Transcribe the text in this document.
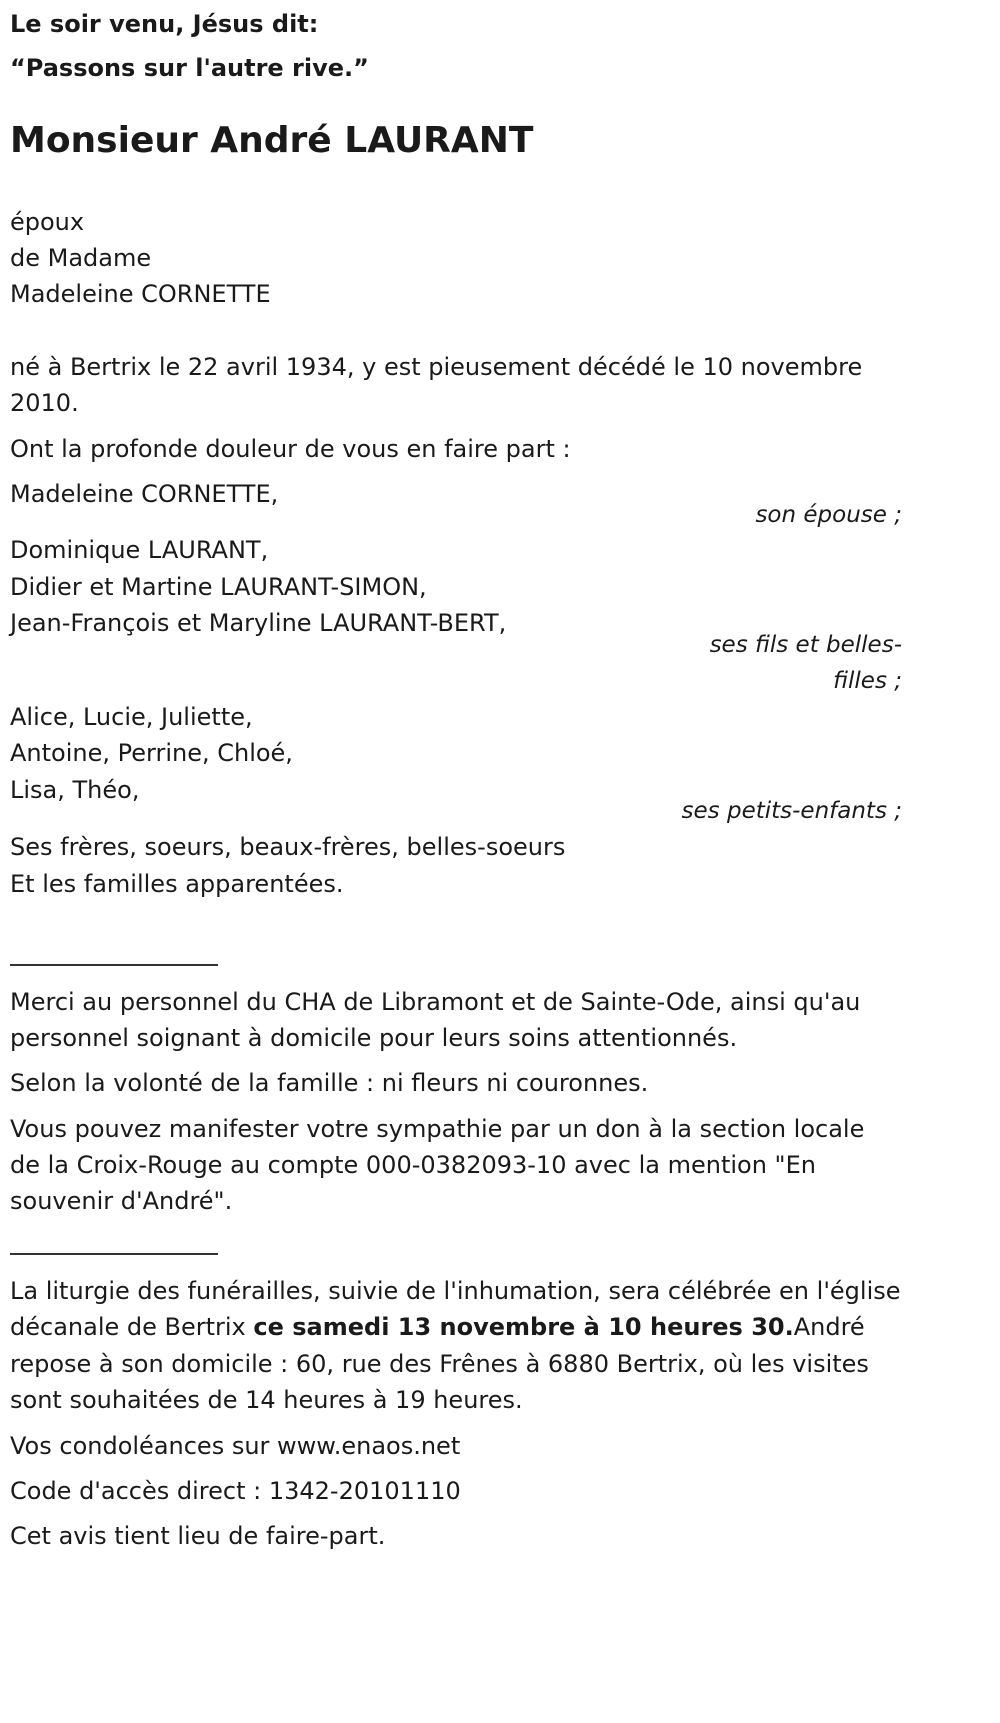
Le soir venu, Jésus dit:
“Passons sur l'autre rive.”
Monsieur André LAURANT
époux
de Madame
Madeleine CORNETTE
né à Bertrix le 22 avril 1934, y est pieusement décédé le 10 novembre
2010.
Ont la profonde douleur de vous en faire part :
Madeleine CORNETTE,
son épouse ;
Dominique LAURANT,
Didier et Martine LAURANT-SIMON,
Jean-François et Maryline LAURANT-BERT,
ses fils et belles-
filles ;
Alice, Lucie, Juliette,
Antoine, Perrine, Chloé,
Lisa, Théo,
ses petits-enfants ;
Ses frères, soeurs, beaux-frères, belles-soeurs
Et les familles apparentées.
Merci au personnel du CHA de Libramont et de Sainte-Ode, ainsi qu'au
personnel soignant à domicile pour leurs soins attentionnés.
Selon la volonté de la famille : ni fleurs ni couronnes.
Vous pouvez manifester votre sympathie par un don à la section locale
de la Croix-Rouge au compte 000-0382093-10 avec la mention "En
souvenir d'André".
La liturgie des funérailles, suivie de l'inhumation, sera célébrée en l'église
décanale de Bertrix ce samedi 13 novembre à 10 heures 30.André
repose à son domicile : 60, rue des Frênes à 6880 Bertrix, où les visites
sont souhaitées de 14 heures à 19 heures.
Vos condoléances sur www.enaos.net
Code d'accès direct : 1342-20101110
Cet avis tient lieu de faire-part.
